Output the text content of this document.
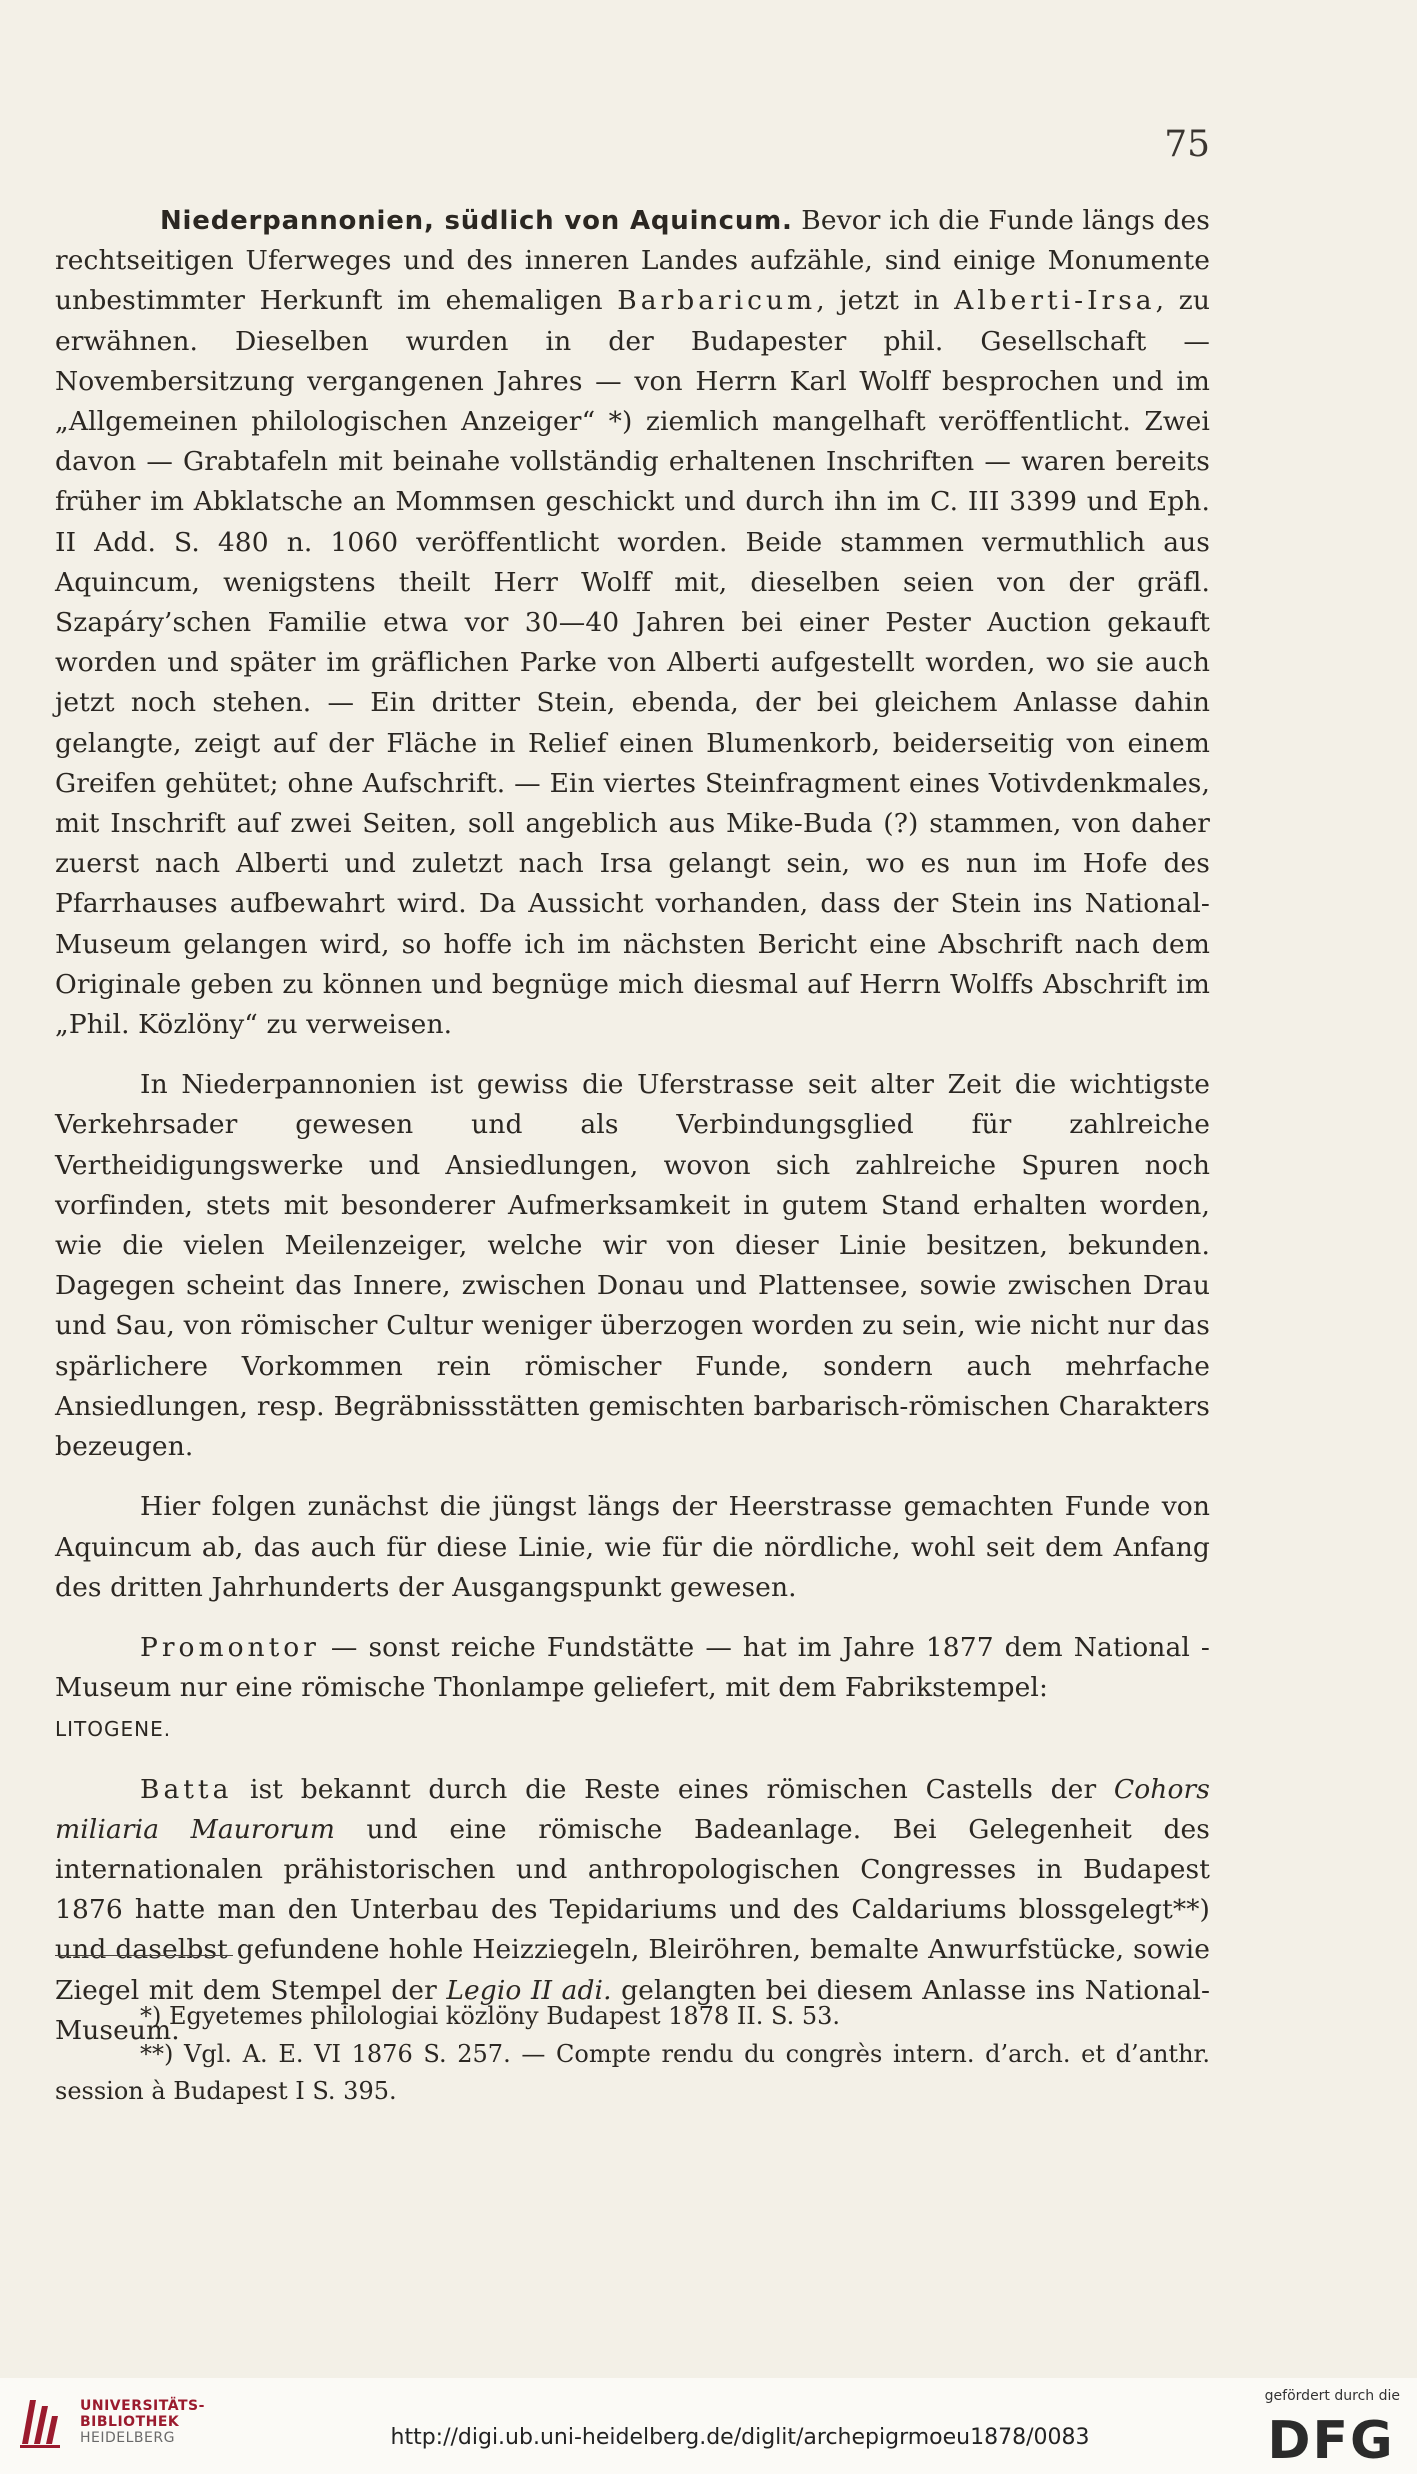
75

Niederpannonien, südlich von Aquincum. Bevor ich die Funde längs des rechtseitigen Uferweges und des inneren Landes aufzähle, sind einige Monumente unbestimmter Herkunft im ehemaligen Barbaricum, jetzt in Alberti-Irsa, zu erwähnen. Dieselben wurden in der Budapester phil. Gesellschaft — Novembersitzung vergangenen Jahres — von Herrn Karl Wolff besprochen und im „Allgemeinen philologischen Anzeiger“ *) ziemlich mangelhaft veröffentlicht. Zwei davon — Grabtafeln mit beinahe vollständig erhaltenen Inschriften — waren bereits früher im Abklatsche an Mommsen geschickt und durch ihn im C. III 3399 und Eph. II Add. S. 480 n. 1060 veröffentlicht worden. Beide stammen vermuthlich aus Aquincum, wenigstens theilt Herr Wolff mit, dieselben seien von der gräfl. Szapáry’schen Familie etwa vor 30—40 Jahren bei einer Pester Auction gekauft worden und später im gräflichen Parke von Alberti aufgestellt worden, wo sie auch jetzt noch stehen. — Ein dritter Stein, ebenda, der bei gleichem Anlasse dahin gelangte, zeigt auf der Fläche in Relief einen Blumenkorb, beiderseitig von einem Greifen gehütet; ohne Aufschrift. — Ein viertes Steinfragment eines Votivdenkmales, mit Inschrift auf zwei Seiten, soll angeblich aus Mike-Buda (?) stammen, von daher zuerst nach Alberti und zuletzt nach Irsa gelangt sein, wo es nun im Hofe des Pfarrhauses aufbewahrt wird. Da Aussicht vorhanden, dass der Stein ins National-Museum gelangen wird, so hoffe ich im nächsten Bericht eine Abschrift nach dem Originale geben zu können und begnüge mich diesmal auf Herrn Wolffs Abschrift im „Phil. Közlöny“ zu verweisen.

In Niederpannonien ist gewiss die Uferstrasse seit alter Zeit die wichtigste Verkehrsader gewesen und als Verbindungsglied für zahlreiche Vertheidigungswerke und Ansiedlungen, wovon sich zahlreiche Spuren noch vorfinden, stets mit besonderer Aufmerksamkeit in gutem Stand erhalten worden, wie die vielen Meilenzeiger, welche wir von dieser Linie besitzen, bekunden. Dagegen scheint das Innere, zwischen Donau und Plattensee, sowie zwischen Drau und Sau, von römischer Cultur weniger überzogen worden zu sein, wie nicht nur das spärlichere Vorkommen rein römischer Funde, sondern auch mehrfache Ansiedlungen, resp. Begräbnissstätten gemischten barbarisch-römischen Charakters bezeugen.

Hier folgen zunächst die jüngst längs der Heerstrasse gemachten Funde von Aquincum ab, das auch für diese Linie, wie für die nördliche, wohl seit dem Anfang des dritten Jahrhunderts der Ausgangspunkt gewesen.

Promontor — sonst reiche Fundstätte — hat im Jahre 1877 dem National - Museum nur eine römische Thonlampe geliefert, mit dem Fabrikstempel:

LITOGENE.

Batta ist bekannt durch die Reste eines römischen Castells der Cohors miliaria Maurorum und eine römische Badeanlage. Bei Gelegenheit des internationalen prähistorischen und anthropologischen Congresses in Budapest 1876 hatte man den Unterbau des Tepidariums und des Caldariums blossgelegt**) und daselbst gefundene hohle Heizziegeln, Bleiröhren, bemalte Anwurfstücke, sowie Ziegel mit dem Stempel der Legio II adi. gelangten bei diesem Anlasse ins National-Museum.

*) Egyetemes philologiai közlöny Budapest 1878 II. S. 53.

**) Vgl. A. E. VI 1876 S. 257. — Compte rendu du congrès intern. d’arch. et d’anthr. session à Budapest I S. 395.

UNIVERSITÄTS-
BIBLIOTHEK
HEIDELBERG	http://digi.ub.uni-heidelberg.de/diglit/archepigrmoeu1878/0083
gefördert durch die
DFG
